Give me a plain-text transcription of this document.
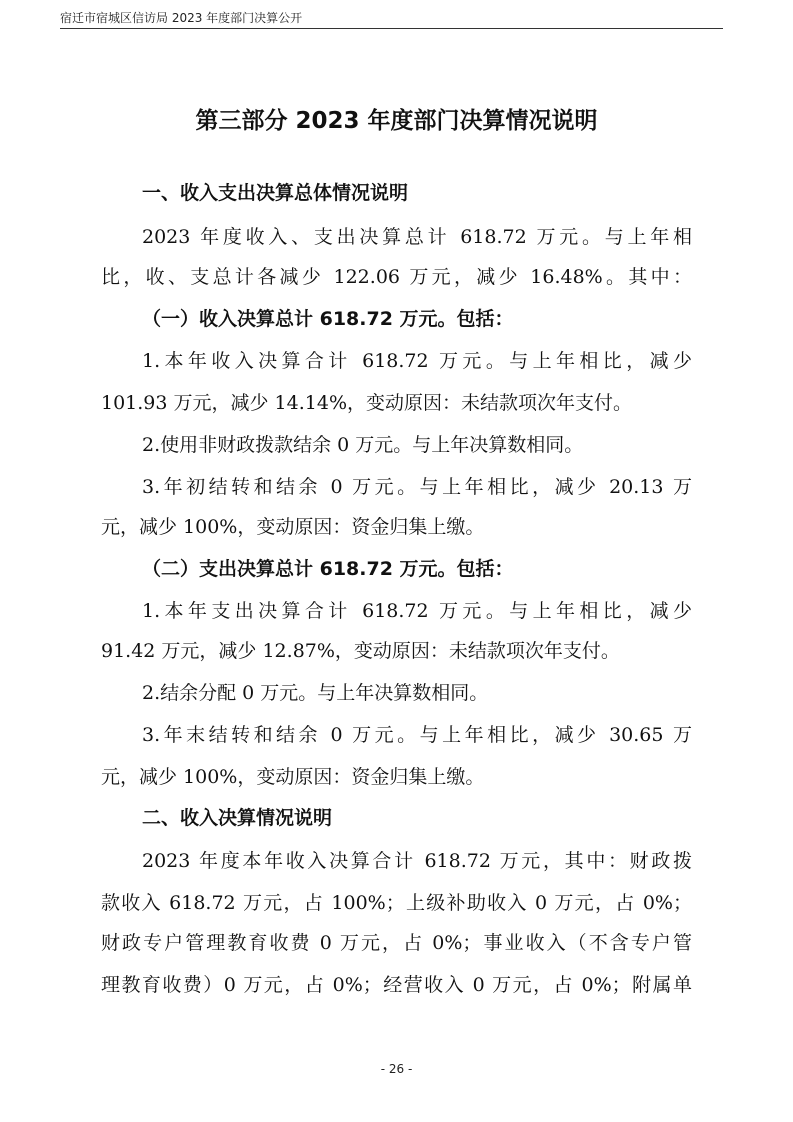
宿迁市宿城区信访局 2023 年度部门决算公开
第三部分 2023 年度部门决算情况说明
一、收入支出决算总体情况说明
2023 年度收入、支出决算总计 618.72 万元。与上年相
比，收、支总计各减少 122.06 万元，减少 16.48%。其中：
（一）收入决算总计 618.72 万元。包括：
1.本年收入决算合计 618.72 万元。与上年相比，减少
101.93 万元，减少 14.14%，变动原因：未结款项次年支付。
2.使用非财政拨款结余 0 万元。与上年决算数相同。
3.年初结转和结余 0 万元。与上年相比，减少 20.13 万
元，减少 100%，变动原因：资金归集上缴。
（二）支出决算总计 618.72 万元。包括：
1.本年支出决算合计 618.72 万元。与上年相比，减少
91.42 万元，减少 12.87%，变动原因：未结款项次年支付。
2.结余分配 0 万元。与上年决算数相同。
3.年末结转和结余 0 万元。与上年相比，减少 30.65 万
元，减少 100%，变动原因：资金归集上缴。
二、收入决算情况说明
2023 年度本年收入决算合计 618.72 万元，其中：财政拨
款收入 618.72 万元，占 100%；上级补助收入 0 万元，占 0%；
财政专户管理教育收费 0 万元，占 0%；事业收入（不含专户管
理教育收费）0 万元，占 0%；经营收入 0 万元，占 0%；附属单
- 26 -
